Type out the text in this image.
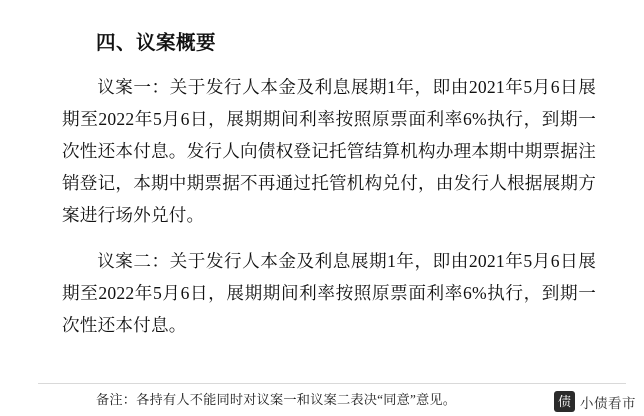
四、议案概要

议案一：关于发行人本金及利息展期1年，即由2021年5月6日展期至2022年5月6日，展期期间利率按照原票面利率6%执行，到期一次性还本付息。发行人向债权登记托管结算机构办理本期中期票据注销登记，本期中期票据不再通过托管机构兑付，由发行人根据展期方案进行场外兑付。

议案二：关于发行人本金及利息展期1年，即由2021年5月6日展期至2022年5月6日，展期期间利率按照原票面利率6%执行，到期一次性还本付息。

备注：各持有人不能同时对议案一和议案二表决“同意”意见。	债 小债看市
